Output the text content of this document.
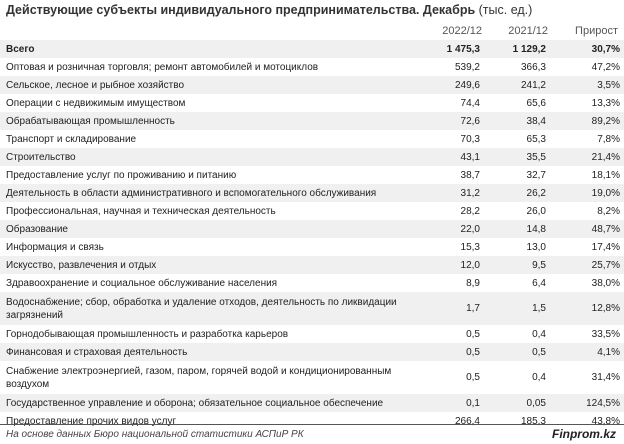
Действующие субъекты индивидуального предпринимательства. Декабрь (тыс. ед.)
2022/12	2021/12	Прирост
Всего	1 475,3	1 129,2	30,7%
Оптовая и розничная торговля; ремонт автомобилей и мотоциклов	539,2	366,3	47,2%
Сельское, лесное и рыбное хозяйство	249,6	241,2	3,5%
Операции с недвижимым имуществом	74,4	65,6	13,3%
Обрабатывающая промышленность	72,6	38,4	89,2%
Транспорт и складирование	70,3	65,3	7,8%
Строительство	43,1	35,5	21,4%
Предоставление услуг по проживанию и питанию	38,7	32,7	18,1%
Деятельность в области административного и вспомогательного обслуживания	31,2	26,2	19,0%
Профессиональная, научная и техническая деятельность	28,2	26,0	8,2%
Образование	22,0	14,8	48,7%
Информация и связь	15,3	13,0	17,4%
Искусство, развлечения и отдых	12,0	9,5	25,7%
Здравоохранение и социальное обслуживание населения	8,9	6,4	38,0%
Водоснабжение; сбор, обработка и удаление отходов, деятельность по ликвидации загрязнений	1,7	1,5	12,8%
Горнодобывающая промышленность и разработка карьеров	0,5	0,4	33,5%
Финансовая и страховая деятельность	0,5	0,5	4,1%
Снабжение электроэнергией, газом, паром, горячей водой и кондиционированным воздухом	0,5	0,4	31,4%
Государственное управление и оборона; обязательное социальное обеспечение	0,1	0,05	124,5%
Предоставление прочих видов услуг	266,4	185,3	43,8%
На основе данных Бюро национальной статистики АСПиР РК	Finprom.kz
